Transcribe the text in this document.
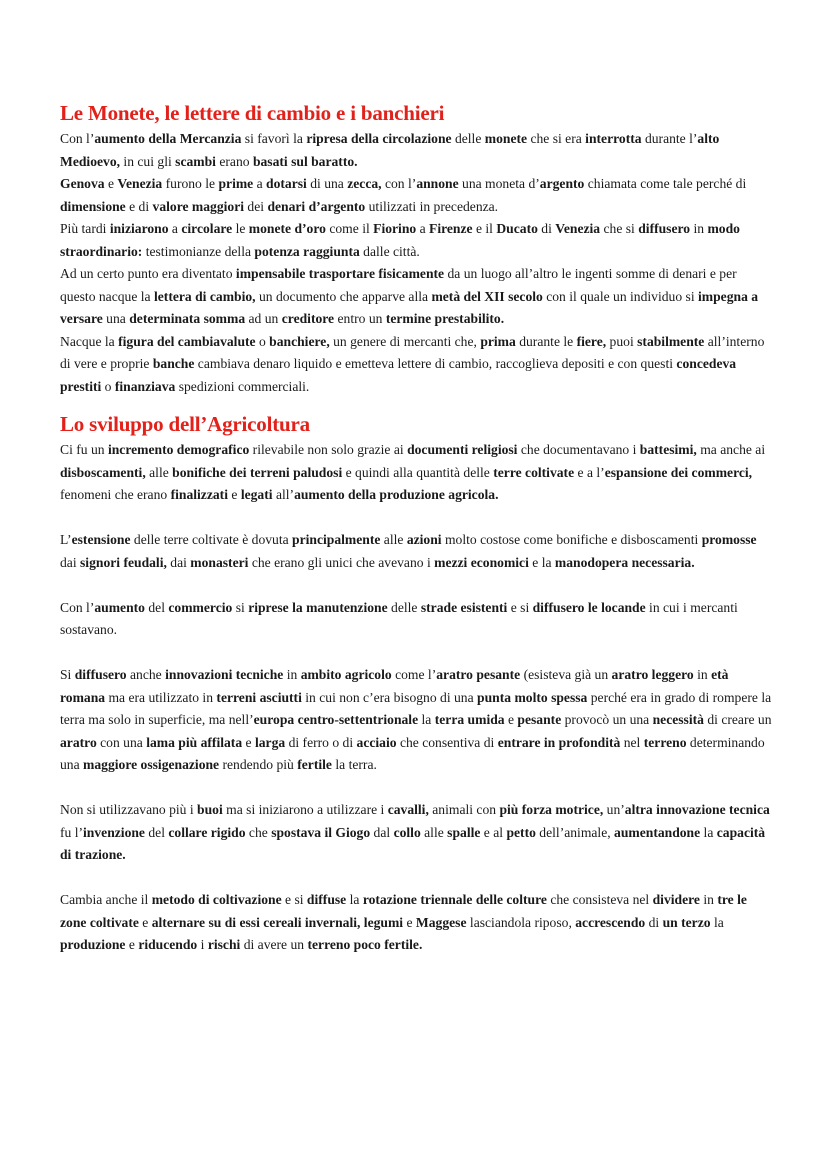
Le Monete, le lettere di cambio e i banchieri

Con l’aumento della Mercanzia si favorì la ripresa della circolazione delle monete che si era interrotta durante l’alto Medioevo, in cui gli scambi erano basati sul baratto.

Genova e Venezia furono le prime a dotarsi di una zecca, con l’annone una moneta d’argento chiamata come tale perché di dimensione e di valore maggiori dei denari d’argento utilizzati in precedenza.

Più tardi iniziarono a circolare le monete d’oro come il Fiorino a Firenze e il Ducato di Venezia che si diffusero in modo straordinario: testimonianze della potenza raggiunta dalle città.

Ad un certo punto era diventato impensabile trasportare fisicamente da un luogo all’altro le ingenti somme di denari e per questo nacque la lettera di cambio, un documento che apparve alla metà del XII secolo con il quale un individuo si impegna a versare una determinata somma ad un creditore entro un termine prestabilito.

Nacque la figura del cambiavalute o banchiere, un genere di mercanti che, prima durante le fiere, puoi stabilmente all’interno di vere e proprie banche cambiava denaro liquido e emetteva lettere di cambio, raccoglieva depositi e con questi concedeva prestiti o finanziava spedizioni commerciali.

Lo sviluppo dell’Agricoltura

Ci fu un incremento demografico rilevabile non solo grazie ai documenti religiosi che documentavano i battesimi, ma anche ai disboscamenti, alle bonifiche dei terreni paludosi e quindi alla quantità delle terre coltivate e a l’espansione dei commerci, fenomeni che erano finalizzati e legati all’aumento della produzione agricola.

L’estensione delle terre coltivate è dovuta principalmente alle azioni molto costose come bonifiche e disboscamenti promosse dai signori feudali, dai monasteri che erano gli unici che avevano i mezzi economici e la manodopera necessaria.

Con l’aumento del commercio si riprese la manutenzione delle strade esistenti e si diffusero le locande in cui i mercanti sostavano.

Si diffusero anche innovazioni tecniche in ambito agricolo come l’aratro pesante (esisteva già un aratro leggero in età romana ma era utilizzato in terreni asciutti in cui non c’era bisogno di una punta molto spessa perché era in grado di rompere la terra ma solo in superficie, ma nell’europa centro-settentrionale la terra umida e pesante provocò un una necessità di creare un aratro con una lama più affilata e larga di ferro o di acciaio che consentiva di entrare in profondità nel terreno determinando una maggiore ossigenazione rendendo più fertile la terra.

Non si utilizzavano più i buoi ma si iniziarono a utilizzare i cavalli, animali con più forza motrice, un’altra innovazione tecnica fu l’invenzione del collare rigido che spostava il Giogo dal collo alle spalle e al petto dell’animale, aumentandone la capacità di trazione.

Cambia anche il metodo di coltivazione e si diffuse la rotazione triennale delle colture che consisteva nel dividere in tre le zone coltivate e alternare su di essi cereali invernali, legumi e Maggese lasciandola riposo, accrescendo di un terzo la produzione e riducendo i rischi di avere un terreno poco fertile.
